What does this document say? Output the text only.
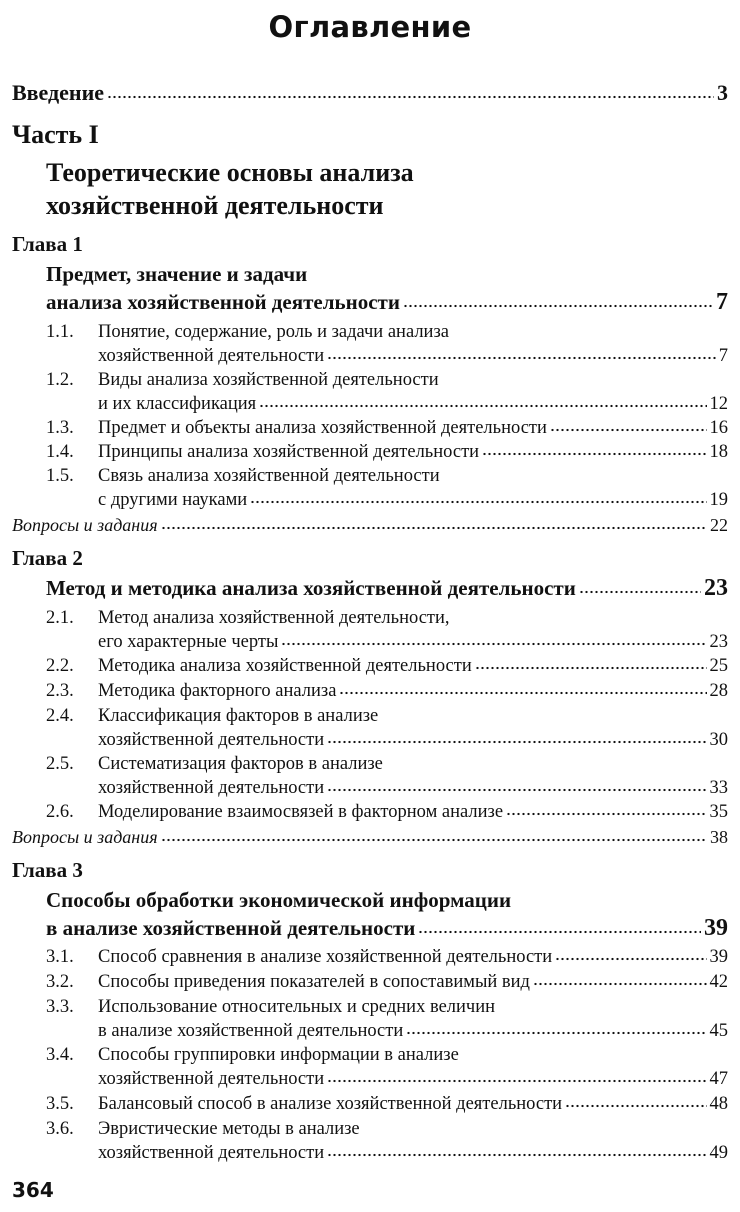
Оглавление
Введение	3
Часть I
Теоретические основы анализа
хозяйственной деятельности
Глава 1
Предмет, значение и задачи
анализа хозяйственной деятельности	7
1.1. Понятие, содержание, роль и задачи анализа
хозяйственной деятельности	7
1.2. Виды анализа хозяйственной деятельности
и их классификация	12
1.3. Предмет и объекты анализа хозяйственной деятельности	16
1.4. Принципы анализа хозяйственной деятельности	18
1.5. Связь анализа хозяйственной деятельности
с другими науками	19
Вопросы и задания	22
Глава 2
Метод и методика анализа хозяйственной деятельности	23
2.1. Метод анализа хозяйственной деятельности,
его характерные черты	23
2.2. Методика анализа хозяйственной деятельности	25
2.3. Методика факторного анализа	28
2.4. Классификация факторов в анализе
хозяйственной деятельности	30
2.5. Систематизация факторов в анализе
хозяйственной деятельности	33
2.6. Моделирование взаимосвязей в факторном анализе	35
Вопросы и задания	38
Глава 3
Способы обработки экономической информации
в анализе хозяйственной деятельности	39
3.1. Способ сравнения в анализе хозяйственной деятельности	39
3.2. Способы приведения показателей в сопоставимый вид	42
3.3. Использование относительных и средних величин
в анализе хозяйственной деятельности	45
3.4. Способы группировки информации в анализе
хозяйственной деятельности	47
3.5. Балансовый способ в анализе хозяйственной деятельности	48
3.6. Эвристические методы в анализе
хозяйственной деятельности	49
364
